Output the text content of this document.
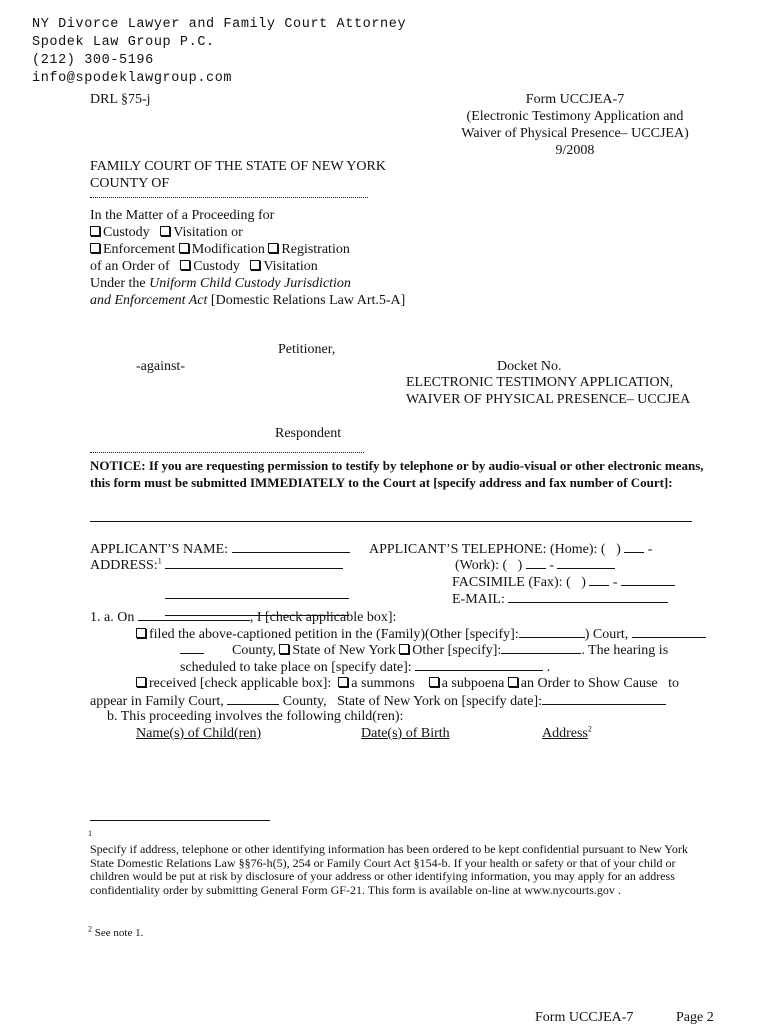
NY Divorce Lawyer and Family Court Attorney
Spodek Law Group P.C.
(212) 300-5196
info@spodeklawgroup.com
DRL §75-j	Form UCCJEA-7
(Electronic Testimony Application and
Waiver of Physical Presence– UCCJEA)
9/2008
FAMILY COURT OF THE STATE OF NEW YORK
COUNTY OF
In the Matter of a Proceeding for
Custody Visitation or
Enforcement Modification Registration
of an Order of Custody Visitation
Under the Uniform Child Custody Jurisdiction
and Enforcement Act [Domestic Relations Law Art.5-A]
Petitioner,
-against-	Docket No.
ELECTRONIC TESTIMONY APPLICATION,
WAIVER OF PHYSICAL PRESENCE– UCCJEA
Respondent
NOTICE: If you are requesting permission to testify by telephone or by audio-visual or other electronic means, this form must be submitted IMMEDIATELY to the Court at [specify address and fax number of Court]:
APPLICANT’S NAME:
ADDRESS:$^1$
APPLICANT’S TELEPHONE: (Home): ( )  -
(Work): ( )  -
FACSIMILE (Fax): ( )  -
E-MAIL:
1. a. On	, I [check applicable box]:
filed the above-captioned petition in the (Family)(Other [specify]:	) Court,
County, State of New York Other [specify]:	. The hearing is
scheduled to take place on [specify date]:	.
received [check applicable box]: a summons a subpoena an Order to Show Cause to
appear in Family Court,	County, State of New York on [specify date]:
b. This proceeding involves the following child(ren):
Name(s) of Child(ren)	Date(s) of Birth	Address$^2$
1
Specify if address, telephone or other identifying information has been ordered to be kept confidential pursuant to New York State Domestic Relations Law §§76-h(5), 254 or Family Court Act §154-b. If your health or safety or that of your child or children would be put at risk by disclosure of your address or other identifying information, you may apply for an address confidentiality order by submitting General Form GF-21. This form is available on-line at www.nycourts.gov .
$^2$ See note 1.
Form UCCJEA-7	Page 2
